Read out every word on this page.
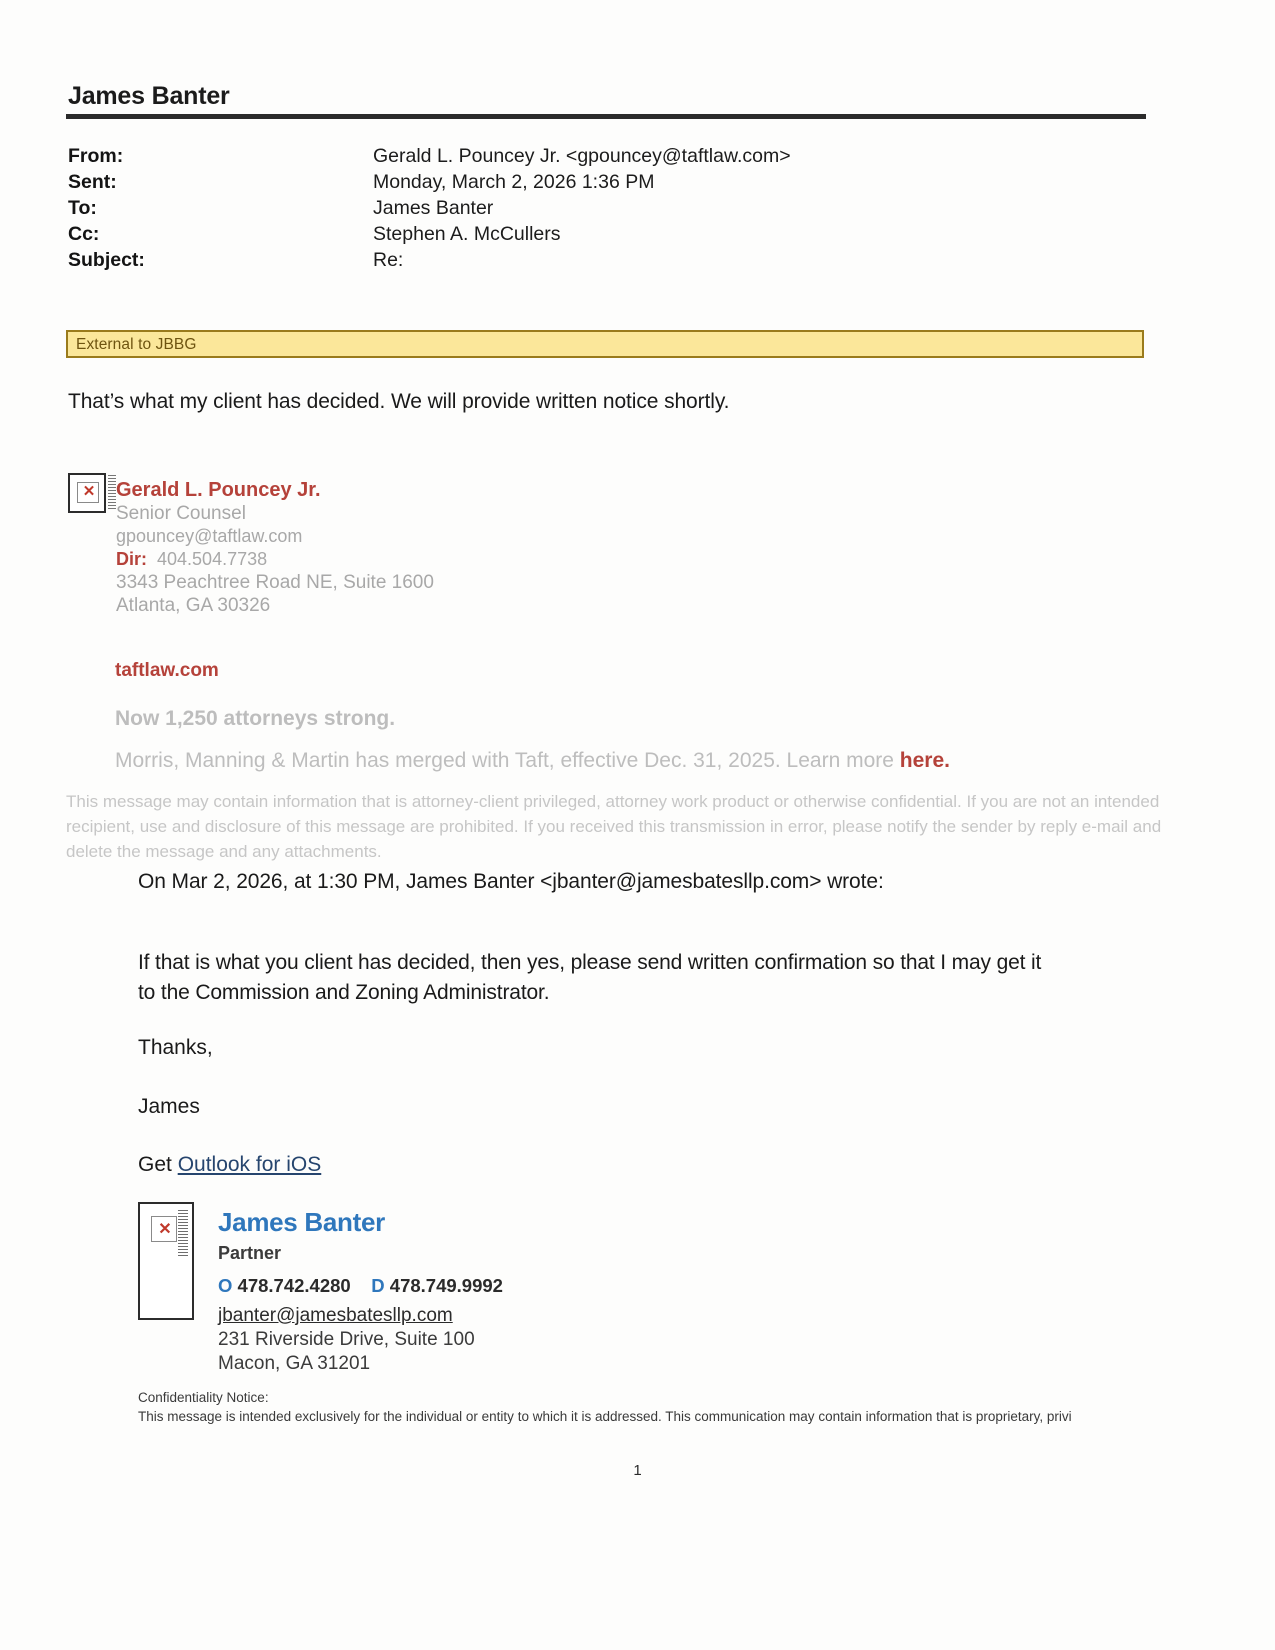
James Banter
From:	Gerald L. Pouncey Jr. <gpouncey@taftlaw.com>
Sent:	Monday, March 2, 2026 1:36 PM
To:	James Banter
Cc:	Stephen A. McCullers
Subject:	Re:
External to JBBG
That’s what my client has decided. We will provide written notice shortly.
✕ Gerald L. Pouncey Jr.
Senior Counsel
gpouncey@taftlaw.com
Dir: 404.504.7738
3343 Peachtree Road NE, Suite 1600
Atlanta, GA 30326
taftlaw.com
Now 1,250 attorneys strong.
Morris, Manning & Martin has merged with Taft, effective Dec. 31, 2025. Learn more here.
This message may contain information that is attorney-client privileged, attorney work product or otherwise confidential. If you are not an intended recipient, use and disclosure of this message are prohibited. If you received this transmission in error, please notify the sender by reply e-mail and delete the message and any attachments.
On Mar 2, 2026, at 1:30 PM, James Banter <jbanter@jamesbatesllp.com> wrote:
If that is what you client has decided, then yes, please send written confirmation so that I may get it to the Commission and Zoning Administrator.
Thanks,
James
Get Outlook for iOS
✕ James Banter
Partner
O 478.742.4280 D 478.749.9992
jbanter@jamesbatesllp.com
231 Riverside Drive, Suite 100
Macon, GA 31201
Confidentiality Notice:
This message is intended exclusively for the individual or entity to which it is addressed. This communication may contain information that is proprietary, privi
1
